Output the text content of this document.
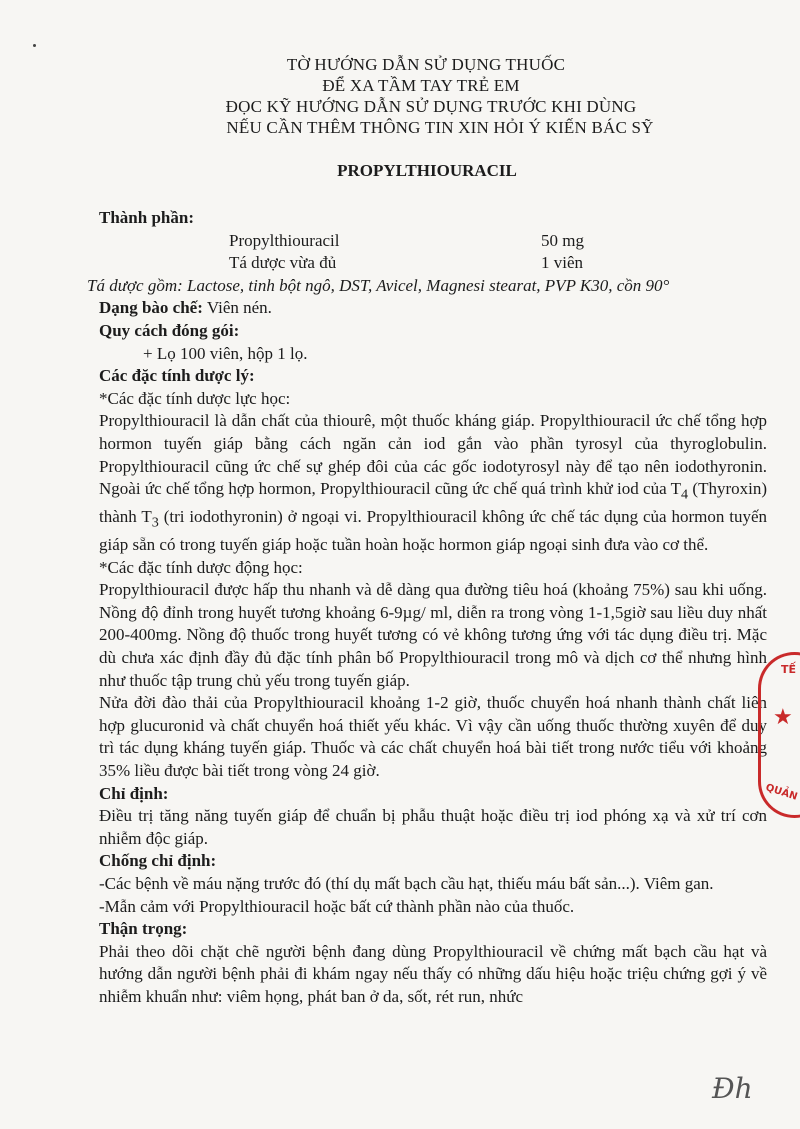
TỜ HƯỚNG DẪN SỬ DỤNG THUỐC
ĐỂ XA TẦM TAY TRẺ EM
ĐỌC KỸ HƯỚNG DẪN SỬ DỤNG TRƯỚC KHI DÙNG
NẾU CẦN THÊM THÔNG TIN XIN HỎI Ý KIẾN BÁC SỸ
PROPYLTHIOURACIL

Thành phần:

Propylthiouracil	50 mg
Tá dược vừa đủ	1 viên

Tá dược gồm: Lactose, tinh bột ngô, DST, Avicel, Magnesi stearat, PVP K30, cồn 90°

Dạng bào chế: Viên nén.

Quy cách đóng gói:

+ Lọ 100 viên, hộp 1 lọ.

Các đặc tính dược lý:

*Các đặc tính dược lực học:

Propylthiouracil là dẫn chất của thiourê, một thuốc kháng giáp. Propylthiouracil ức chế tổng hợp hormon tuyến giáp bằng cách ngăn cản iod gắn vào phần tyrosyl của thyroglobulin. Propylthiouracil cũng ức chế sự ghép đôi của các gốc iodotyrosyl này để tạo nên iodothyronin. Ngoài ức chế tổng hợp hormon, Propylthiouracil cũng ức chế quá trình khử iod của $T_4$ (Thyroxin) thành $T_3$ (tri iodothyronin) ở ngoại vi. Propylthiouracil không ức chế tác dụng của hormon tuyến giáp sẵn có trong tuyến giáp hoặc tuần hoàn hoặc hormon giáp ngoại sinh đưa vào cơ thể.

*Các đặc tính dược động học:

Propylthiouracil được hấp thu nhanh và dễ dàng qua đường tiêu hoá (khoảng 75%) sau khi uống. Nồng độ đỉnh trong huyết tương khoảng 6-9µg/ ml, diễn ra trong vòng 1-1,5giờ sau liều duy nhất 200-400mg. Nồng độ thuốc trong huyết tương có vẻ không tương ứng với tác dụng điều trị. Mặc dù chưa xác định đầy đủ đặc tính phân bố Propylthiouracil trong mô và dịch cơ thể nhưng hình như thuốc tập trung chủ yếu trong tuyến giáp.

Nửa đời đào thải của Propylthiouracil khoảng 1-2 giờ, thuốc chuyển hoá nhanh thành chất liên hợp glucuronid và chất chuyển hoá thiết yếu khác. Vì vậy cần uống thuốc thường xuyên để duy trì tác dụng kháng tuyến giáp. Thuốc và các chất chuyển hoá bài tiết trong nước tiểu với khoảng 35% liều được bài tiết trong vòng 24 giờ.

Chỉ định:

Điều trị tăng năng tuyến giáp để chuẩn bị phẫu thuật hoặc điều trị iod phóng xạ và xử trí cơn nhiễm độc giáp.

Chống chỉ định:

-Các bệnh về máu nặng trước đó (thí dụ mất bạch cầu hạt, thiếu máu bất sản...). Viêm gan.

-Mẫn cảm với Propylthiouracil hoặc bất cứ thành phần nào của thuốc.

Thận trọng:

Phải theo dõi chặt chẽ người bệnh đang dùng Propylthiouracil về chứng mất bạch cầu hạt và hướng dẫn người bệnh phải đi khám ngay nếu thấy có những dấu hiệu hoặc triệu chứng gợi ý về nhiễm khuẩn như: viêm họng, phát ban ở da, sốt, rét run, nhức

TẾ
★
QUẢN
Đh
